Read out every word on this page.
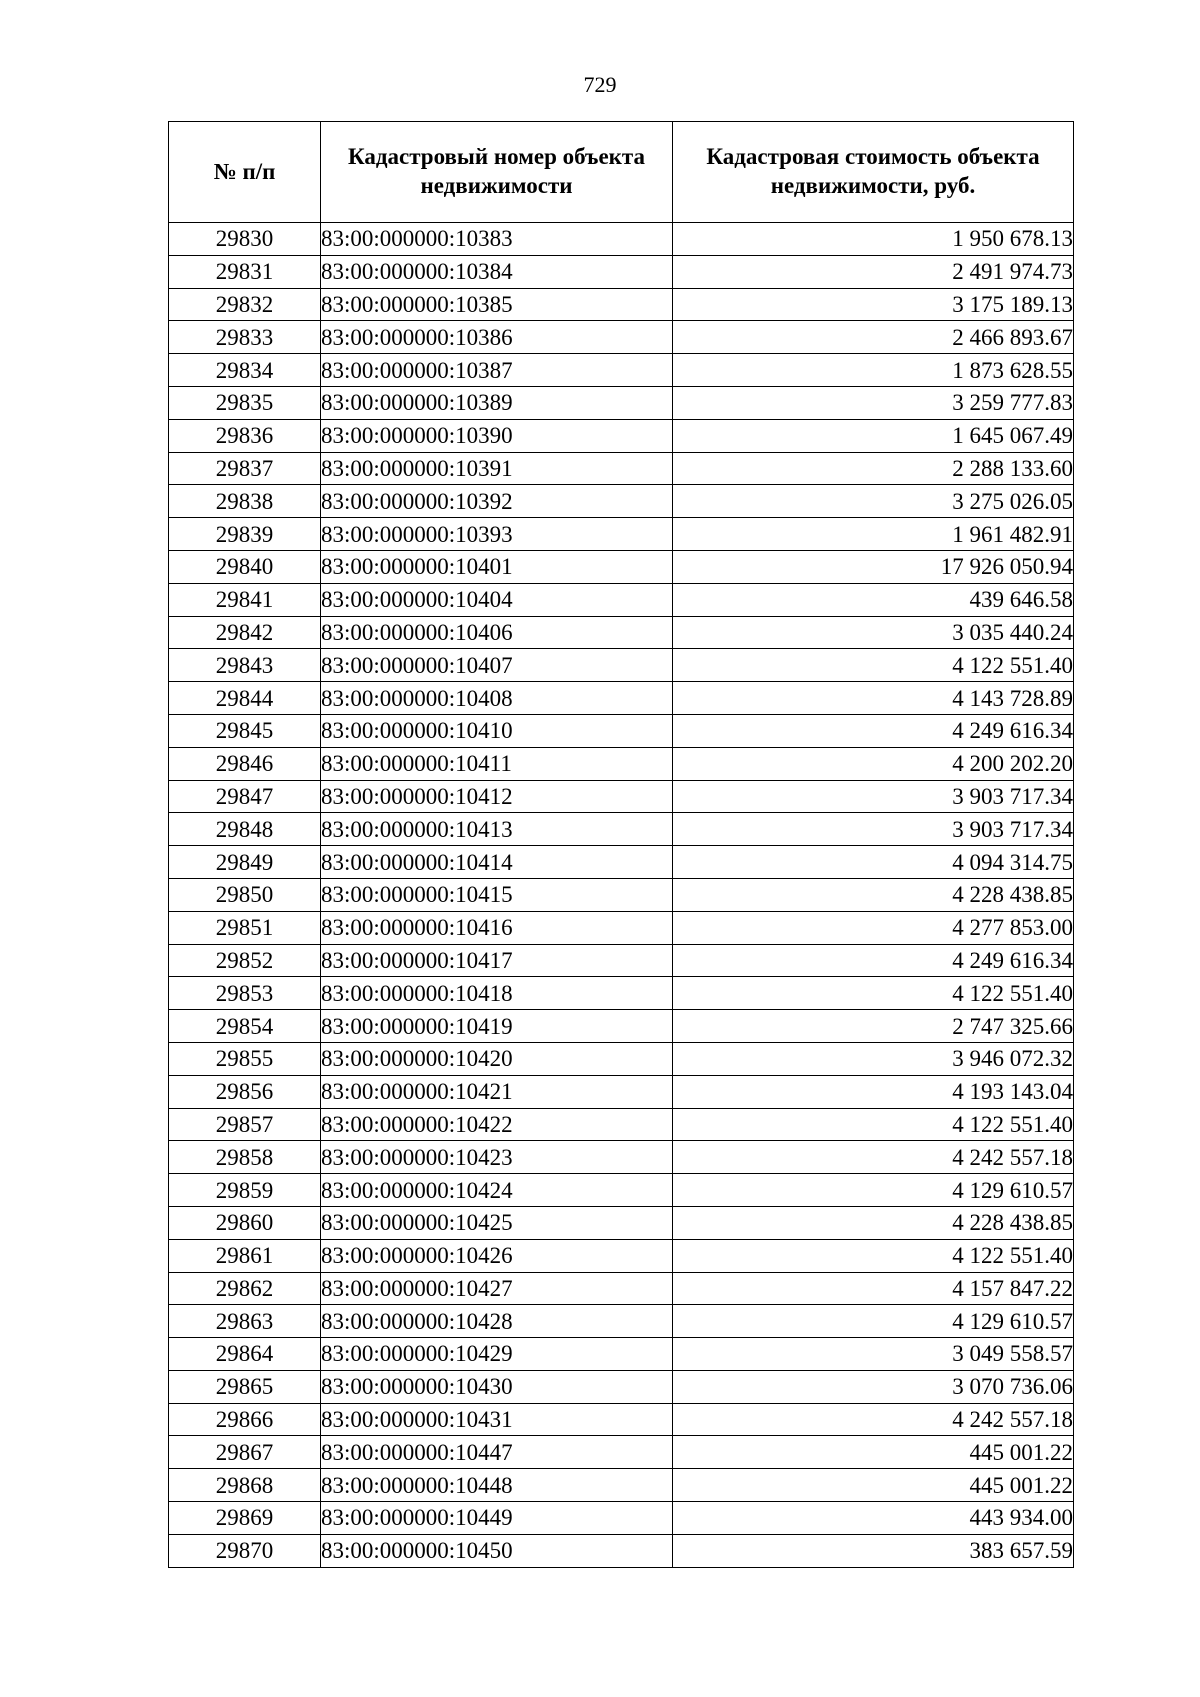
729
№ п/п	Кадастровый номер объекта недвижимости	Кадастровая стоимость объекта недвижимости, руб.
29830	83:00:000000:10383	1 950 678.13
29831	83:00:000000:10384	2 491 974.73
29832	83:00:000000:10385	3 175 189.13
29833	83:00:000000:10386	2 466 893.67
29834	83:00:000000:10387	1 873 628.55
29835	83:00:000000:10389	3 259 777.83
29836	83:00:000000:10390	1 645 067.49
29837	83:00:000000:10391	2 288 133.60
29838	83:00:000000:10392	3 275 026.05
29839	83:00:000000:10393	1 961 482.91
29840	83:00:000000:10401	17 926 050.94
29841	83:00:000000:10404	439 646.58
29842	83:00:000000:10406	3 035 440.24
29843	83:00:000000:10407	4 122 551.40
29844	83:00:000000:10408	4 143 728.89
29845	83:00:000000:10410	4 249 616.34
29846	83:00:000000:10411	4 200 202.20
29847	83:00:000000:10412	3 903 717.34
29848	83:00:000000:10413	3 903 717.34
29849	83:00:000000:10414	4 094 314.75
29850	83:00:000000:10415	4 228 438.85
29851	83:00:000000:10416	4 277 853.00
29852	83:00:000000:10417	4 249 616.34
29853	83:00:000000:10418	4 122 551.40
29854	83:00:000000:10419	2 747 325.66
29855	83:00:000000:10420	3 946 072.32
29856	83:00:000000:10421	4 193 143.04
29857	83:00:000000:10422	4 122 551.40
29858	83:00:000000:10423	4 242 557.18
29859	83:00:000000:10424	4 129 610.57
29860	83:00:000000:10425	4 228 438.85
29861	83:00:000000:10426	4 122 551.40
29862	83:00:000000:10427	4 157 847.22
29863	83:00:000000:10428	4 129 610.57
29864	83:00:000000:10429	3 049 558.57
29865	83:00:000000:10430	3 070 736.06
29866	83:00:000000:10431	4 242 557.18
29867	83:00:000000:10447	445 001.22
29868	83:00:000000:10448	445 001.22
29869	83:00:000000:10449	443 934.00
29870	83:00:000000:10450	383 657.59
